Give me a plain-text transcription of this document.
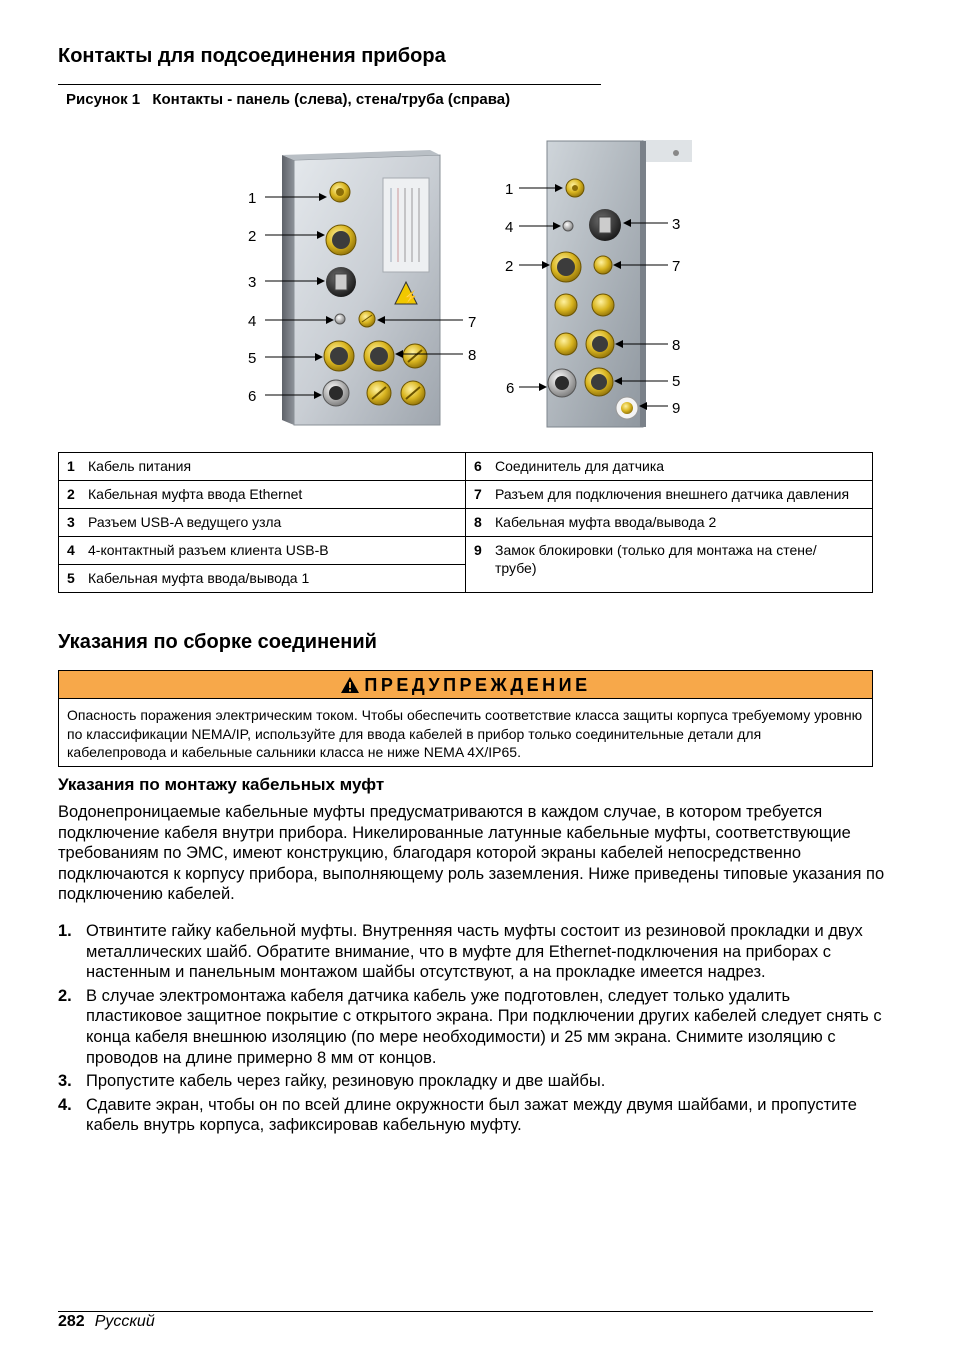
Контакты для подсоединения прибора
Рисунок 1 Контакты - панель (слева), стена/труба (справа)
⚡
1
2
3
4
5
6
7
8
1
4
2
6
3
7
8
5
9
1 Кабель питания	6 Соединитель для датчика
2 Кабельная муфта ввода Ethernet	7 Разъем для подключения внешнего датчика давления
3 Разъем USB-A ведущего узла	8 Кабельная муфта ввода/вывода 2
4 4-контактный разъем клиента USB-B	9 Замок блокировки (только для монтажа на стене/трубе)
5 Кабельная муфта ввода/вывода 1	
Указания по сборке соединений
ПРЕДУПРЕЖДЕНИЕ
Опасность поражения электрическим током. Чтобы обеспечить соответствие класса защиты корпуса требуемому уровню по классификации NEMA/IP, используйте для ввода кабелей в прибор только соединительные детали для кабелепровода и кабельные сальники класса не ниже NEMA 4X/IP65.
Указания по монтажу кабельных муфт

Водонепроницаемые кабельные муфты предусматриваются в каждом случае, в котором требуется подключение кабеля внутри прибора. Никелированные латунные кабельные муфты, соответствующие требованиям по ЭМС, имеют конструкцию, благодаря которой экраны кабелей непосредственно подключаются к корпусу прибора, выполняющему роль заземления. Ниже приведены типовые указания по подключению кабелей.

1. Отвинтите гайку кабельной муфты. Внутренняя часть муфты состоит из резиновой прокладки и двух металлических шайб. Обратите внимание, что в муфте для Ethernet-подключения на приборах с настенным и панельным монтажом шайбы отсутствуют, а на прокладке имеется надрез.
2. В случае электромонтажа кабеля датчика кабель уже подготовлен, следует только удалить пластиковое защитное покрытие с открытого экрана. При подключении других кабелей следует снять с конца кабеля внешнюю изоляцию (по мере необходимости) и 25 мм экрана. Снимите изоляцию с проводов на длине примерно 8 мм от концов.
3. Пропустите кабель через гайку, резиновую прокладку и две шайбы.
4. Сдавите экран, чтобы он по всей длине окружности был зажат между двумя шайбами, и пропустите кабель внутрь корпуса, зафиксировав кабельную муфту.
282 Русский
